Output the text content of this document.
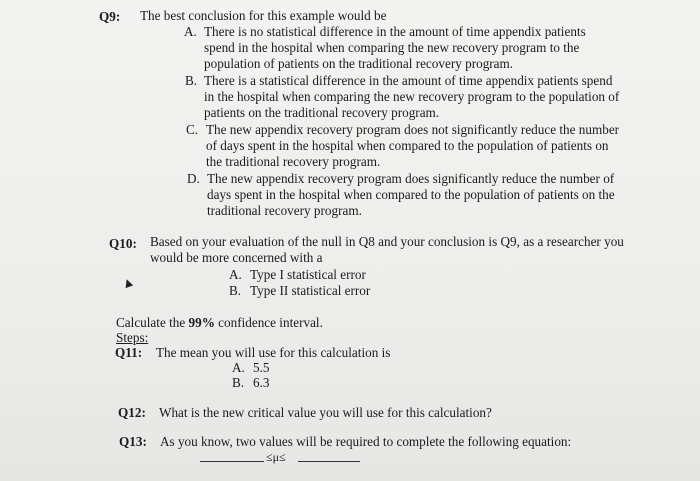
Q9: The best conclusion for this example would be
A. There is no statistical difference in the amount of time appendix patients
spend in the hospital when comparing the new recovery program to the
population of patients on the traditional recovery program.
B. There is a statistical difference in the amount of time appendix patients spend
in the hospital when comparing the new recovery program to the population of
patients on the traditional recovery program.
C. The new appendix recovery program does not significantly reduce the number
of days spent in the hospital when compared to the population of patients on
the traditional recovery program.
D. The new appendix recovery program does significantly reduce the number of
days spent in the hospital when compared to the population of patients on the
traditional recovery program.
Q10: Based on your evaluation of the null in Q8 and your conclusion is Q9, as a researcher you
would be more concerned with a
A. Type I statistical error
B. Type II statistical error
Calculate the 99% confidence interval.
Steps:
Q11: The mean you will use for this calculation is
A. 5.5
B. 6.3
Q12: What is the new critical value you will use for this calculation?
Q13: As you know, two values will be required to complete the following equation:
≤μ≤
